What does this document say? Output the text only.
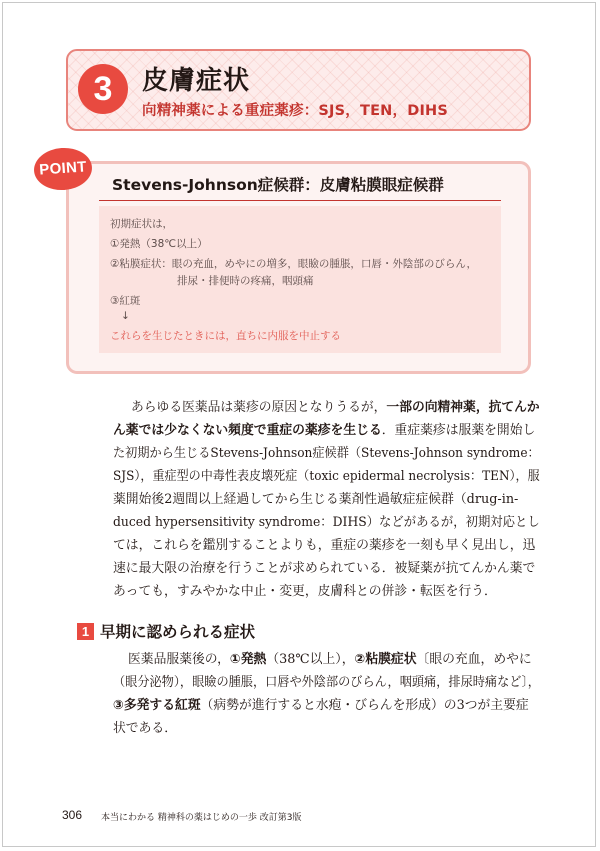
3	皮膚症状
向精神薬による重症薬疹：SJS，TEN，DIHS
POINT
Stevens-Johnson症候群：皮膚粘膜眼症候群
初期症状は，
①発熱（38℃以上）
②粘膜症状：眼の充血，めやにの増多，眼瞼の腫脹，口唇・外陰部のびらん，
排尿・排便時の疼痛，咽頭痛
③紅斑
↓
これらを生じたときには，直ちに内服を中止する
あらゆる医薬品は薬疹の原因となりうるが，一部の向精神薬，抗てんか
ん薬では少なくない頻度で重症の薬疹を生じる．重症薬疹は服薬を開始し
た初期から生じるStevens-Johnson症候群（Stevens-Johnson syndrome：
SJS），重症型の中毒性表皮壊死症（toxic epidermal necrolysis：TEN），服
薬開始後2週間以上経過してから生じる薬剤性過敏症症候群（drug-in-
duced hypersensitivity syndrome：DIHS）などがあるが，初期対応とし
ては，これらを鑑別することよりも，重症の薬疹を一刻も早く見出し，迅
速に最大限の治療を行うことが求められている．被疑薬が抗てんかん薬で
あっても，すみやかな中止・変更，皮膚科との併診・転医を行う．
1 早期に認められる症状
医薬品服薬後の，①発熱（38℃以上），②粘膜症状〔眼の充血，めやに
（眼分泌物），眼瞼の腫脹，口唇や外陰部のびらん，咽頭痛，排尿時痛など〕，
③多発する紅斑（病勢が進行すると水疱・びらんを形成）の3つが主要症
状である．
306 本当にわかる 精神科の薬はじめの一歩 改訂第3版
